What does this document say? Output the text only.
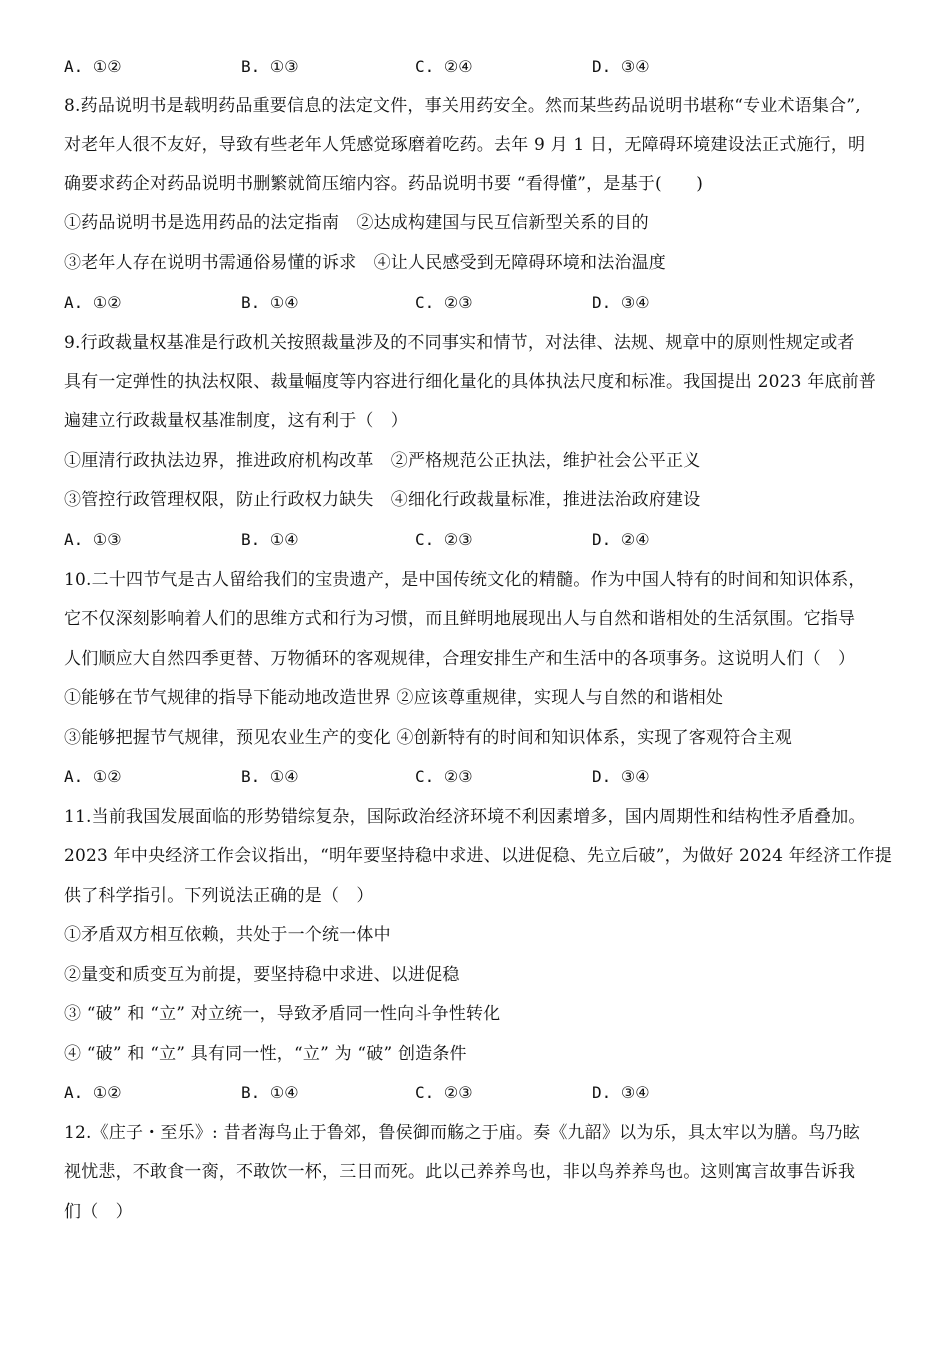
A. ①②	B. ①③	C. ②④	D. ③④
8.药品说明书是载明药品重要信息的法定文件，事关用药安全。然而某些药品说明书堪称“专业术语集合”,
对老年人很不友好，导致有些老年人凭感觉琢磨着吃药。去年 9 月 1 日，无障碍环境建设法正式施行，明
确要求药企对药品说明书删繁就简压缩内容。药品说明书要 “看得懂”，是基于(　　)
①药品说明书是选用药品的法定指南　②达成构建国与民互信新型关系的目的
③老年人存在说明书需通俗易懂的诉求　④让人民感受到无障碍环境和法治温度
A. ①②	B. ①④	C. ②③	D. ③④
9.行政裁量权基准是行政机关按照裁量涉及的不同事实和情节，对法律、法规、规章中的原则性规定或者
具有一定弹性的执法权限、裁量幅度等内容进行细化量化的具体执法尺度和标准。我国提出 2023 年底前普
遍建立行政裁量权基准制度，这有利于（　）
①厘清行政执法边界，推进政府机构改革　②严格规范公正执法，维护社会公平正义
③管控行政管理权限，防止行政权力缺失　④细化行政裁量标准，推进法治政府建设
A. ①③	B. ①④	C. ②③	D. ②④
10.二十四节气是古人留给我们的宝贵遗产，是中国传统文化的精髓。作为中国人特有的时间和知识体系，
它不仅深刻影响着人们的思维方式和行为习惯，而且鲜明地展现出人与自然和谐相处的生活氛围。它指导
人们顺应大自然四季更替、万物循环的客观规律，合理安排生产和生活中的各项事务。这说明人们（　）
①能够在节气规律的指导下能动地改造世界 ②应该尊重规律，实现人与自然的和谐相处
③能够把握节气规律，预见农业生产的变化 ④创新特有的时间和知识体系，实现了客观符合主观
A. ①②	B. ①④	C. ②③	D. ③④
11.当前我国发展面临的形势错综复杂，国际政治经济环境不利因素增多，国内周期性和结构性矛盾叠加。
2023 年中央经济工作会议指出，“明年要坚持稳中求进、以进促稳、先立后破”，为做好 2024 年经济工作提
供了科学指引。下列说法正确的是（　）
①矛盾双方相互依赖，共处于一个统一体中
②量变和质变互为前提，要坚持稳中求进、以进促稳
③ “破” 和 “立” 对立统一，导致矛盾同一性向斗争性转化
④ “破” 和 “立” 具有同一性，“立” 为 “破” 创造条件
A. ①②	B. ①④	C. ②③	D. ③④
12.《庄子・至乐》: 昔者海鸟止于鲁郊，鲁侯御而觞之于庙。奏《九韶》以为乐，具太牢以为膳。鸟乃眩
视忧悲，不敢食一脔，不敢饮一杯，三日而死。此以己养养鸟也，非以鸟养养鸟也。这则寓言故事告诉我
们（　）
